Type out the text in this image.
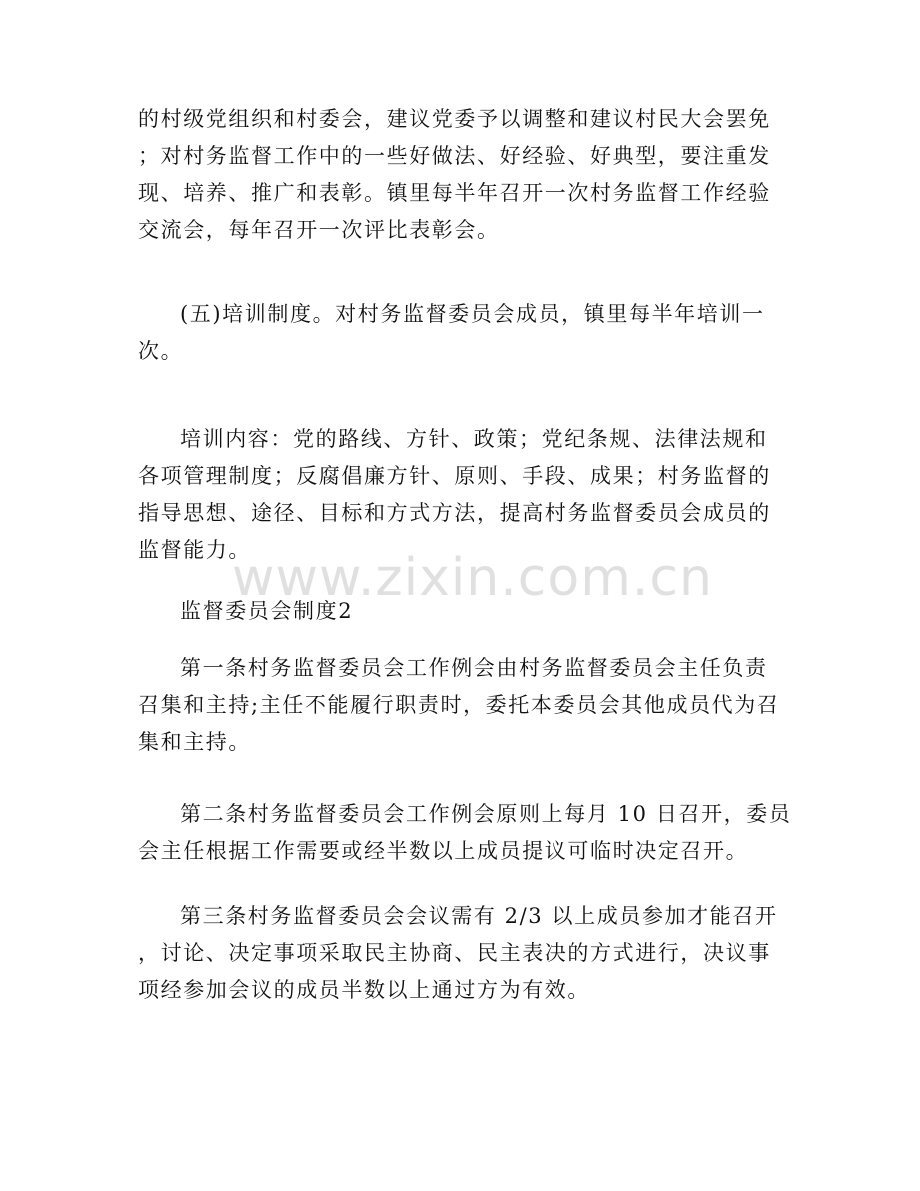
的村级党组织和村委会，建议党委予以调整和建议村民大会罢免
；对村务监督工作中的一些好做法、好经验、好典型，要注重发
现、培养、推广和表彰。镇里每半年召开一次村务监督工作经验
交流会，每年召开一次评比表彰会。
(五)培训制度。对村务监督委员会成员，镇里每半年培训一
次。
培训内容：党的路线、方针、政策；党纪条规、法律法规和
各项管理制度；反腐倡廉方针、原则、手段、成果；村务监督的
指导思想、途径、目标和方式方法，提高村务监督委员会成员的
监督能力。
监督委员会制度2
第一条村务监督委员会工作例会由村务监督委员会主任负责
召集和主持;主任不能履行职责时，委托本委员会其他成员代为召
集和主持。
第二条村务监督委员会工作例会原则上每月 10 日召开，委员
会主任根据工作需要或经半数以上成员提议可临时决定召开。
第三条村务监督委员会会议需有 2/3 以上成员参加才能召开
，讨论、决定事项采取民主协商、民主表决的方式进行，决议事
项经参加会议的成员半数以上通过方为有效。
www.zixin.com.cn
